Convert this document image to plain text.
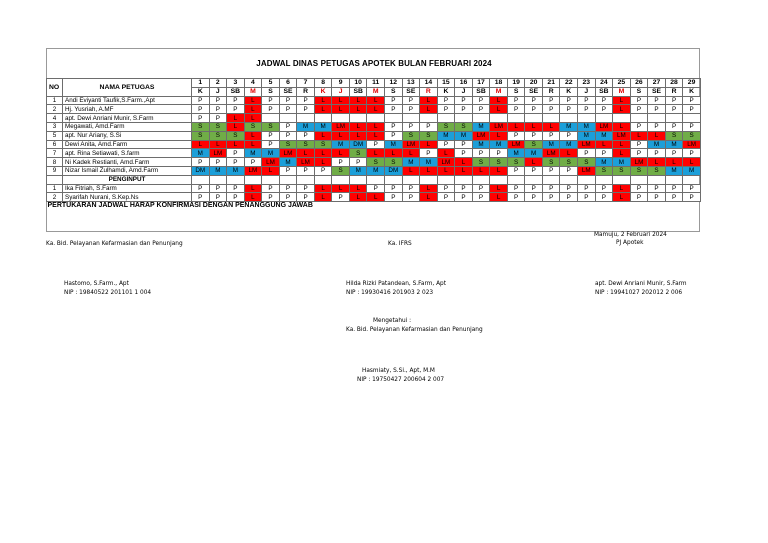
JADWAL DINAS PETUGAS APOTEK BULAN FEBRUARI 2024
NO	NAMA PETUGAS	1	2	3	4	5	6	7	8	9	10	11	12	13	14	15	16	17	18	19	20	21	22	23	24	25	26	27	28	29
		K	J	SB	M	S	SE	R	K	J	SB	M	S	SE	R	K	J	SB	M	S	SE	R	K	J	SB	M	S	SE	R	K
1	Andi Eviyanti Taufik,S.Farm.,Apt	P	P	P	L	P	P	P	L	L	L	L	P	P	L	P	P	P	L	P	P	P	P	P	P	L	P	P	P	P
2	Hj. Yusriah, A.MF	P	P	P	L	P	P	P	L	L	L	L	P	P	L	P	P	P	L	P	P	P	P	P	P	L	P	P	P	P
4	apt. Dewi Anriani Munir, S.Farm	P	P	L	L																									
3	Megawati, Amd.Farm	S	S	L	S	S	P	M	M	LM	L	L	P	P	P	S	S	M	LM	L	L	L	M	M	LM	L	P	P	P	P
5	apt. Nur Ariany, S.Si	S	S	S	L	P	P	P	L	L	L	L	P	S	S	M	M	LM	L	P	P	P	P	M	M	LM	L	L	S	S
6	Dewi Anita, Amd.Farm	L	L	L	L	P	S	S	S	M	DM	P	M	LM	L	P	P	M	M	LM	S	M	M	LM	L	L	P	M	M	LM
7	apt. Rina Setiawati, S.farm	M	LM	P	M	M	LM	L	L	L	S	L	L	L	P	L	P	P	P	M	M	LM	L	P	P	L	P	P	P	P
8	Ni Kadek Restianti, Amd.Farm	P	P	P	P	LM	M	LM	L	P	P	S	S	M	M	LM	L	S	S	S	L	S	S	S	M	M	LM	L	L	L
9	Nizar Ismail Zulhamdi, Amd.Farm	DM	M	M	LM	L	P	P	P	S	M	M	DM	L	L	L	L	L	L	P	P	P	P	LM	S	S	S	S	M	M
	PENGINPUT																													
1	Ika Fitriah, S.Farm	P	P	P	L	P	P	P	L	L	L	P	P	P	L	P	P	P	L	P	P	P	P	P	P	L	P	P	P	P
2	Syarifah Nurani, S.Kep.Ns	P	P	P	L	P	P	P	L	P	L	L	P	P	L	P	P	P	L	P	P	P	P	P	P	L	P	P	P	P
PERTUKARAN JADWAL HARAP KONFIRMASI DENGAN PENANGGUNG JAWAB																														
Ka. Bid. Pelayanan Kefarmasian dan Penunjang
Hastomo, S.Farm., Apt
NIP : 19840522 201101 1 004
Ka. IFRS
Hilda Rizki Patandean, S.Farm, Apt
NIP : 19930416 201903 2 023
Mamuju, 2 Februari 2024
PJ Apotek
apt. Dewi Anriani Munir, S.Farm
NIP : 19941027 202012 2 006
Mengetahui :
Ka. Bid. Pelayanan Kefarmasian dan Penunjang
Hasmiaty, S.Si., Apt, M.M
NIP : 19750427 200604 2 007
